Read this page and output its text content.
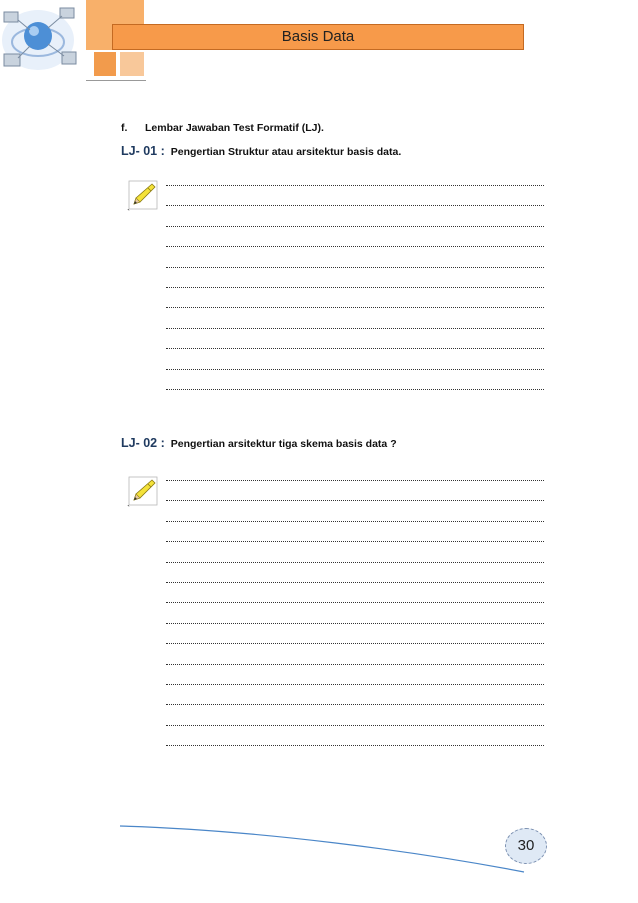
Basis Data
f. Lembar Jawaban Test Formatif (LJ).
LJ- 01 : Pengertian Struktur atau arsitektur basis data.
`
LJ- 02 : Pengertian arsitektur tiga skema basis data ?
`
30
